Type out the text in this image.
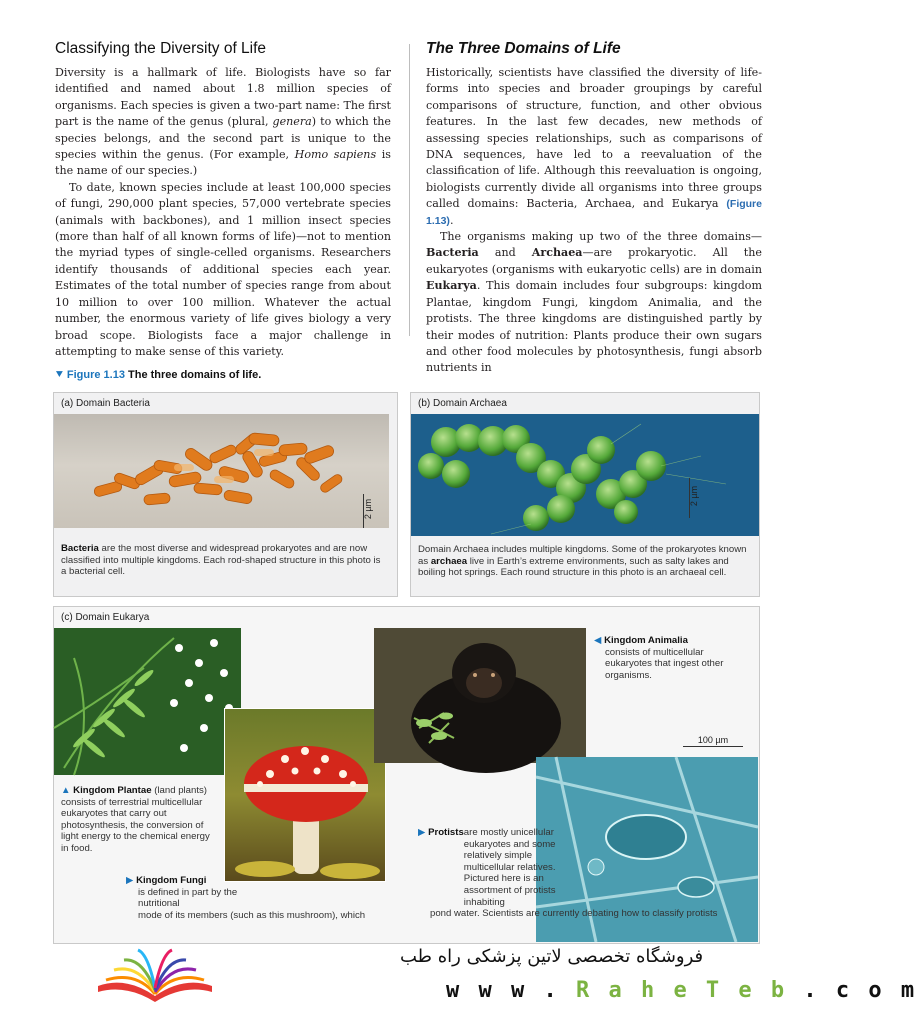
Classifying the Diversity of Life

Diversity is a hallmark of life. Biologists have so far identified and named about 1.8 million species of organisms. Each species is given a two-part name: The first part is the name of the genus (plural, genera) to which the species belongs, and the second part is unique to the species within the genus. (For example, Homo sapiens is the name of our species.)

To date, known species include at least 100,000 species of fungi, 290,000 plant species, 57,000 vertebrate species (animals with backbones), and 1 million insect species (more than half of all known forms of life)—not to mention the myriad types of single-celled organisms. Researchers identify thousands of additional species each year. Estimates of the total number of species range from about 10 million to over 100 million. Whatever the actual number, the enormous variety of life gives biology a very broad scope. Biologists face a major challenge in attempting to make sense of this variety.

The Three Domains of Life

Historically, scientists have classified the diversity of life-forms into species and broader groupings by careful comparisons of structure, function, and other obvious features. In the last few decades, new methods of assessing species relationships, such as comparisons of DNA sequences, have led to a reevaluation of the classification of life. Although this reevaluation is ongoing, biologists currently divide all organisms into three groups called domains: Bacteria, Archaea, and Eukarya (Figure 1.13).

The organisms making up two of the three domains—Bacteria and Archaea—are prokaryotic. All the eukaryotes (organisms with eukaryotic cells) are in domain Eukarya. This domain includes four subgroups: kingdom Plantae, kingdom Fungi, kingdom Animalia, and the protists. The three kingdoms are distinguished partly by their modes of nutrition: Plants produce their own sugars and other food molecules by photosynthesis, fungi absorb nutrients in

⯆ Figure 1.13 The three domains of life.
(a) Domain Bacteria
2 µm
Bacteria are the most diverse and widespread prokaryotes and are now classified into multiple kingdoms. Each rod-shaped structure in this photo is a bacterial cell.
(b) Domain Archaea
2 µm
Domain Archaea includes multiple kingdoms. Some of the prokaryotes known as archaea live in Earth’s extreme environments, such as salty lakes and boiling hot springs. Each round structure in this photo is an archaeal cell.
(c) Domain Eukarya
100 µm
◀ Kingdom Animalia

consists of multicellular eukaryotes that ingest other organisms.
▲ Kingdom Plantae (land plants) consists of terrestrial multicellular eukaryotes that carry out photosynthesis, the conversion of light energy to the chemical energy in food.
▶ Kingdom Fungi

is defined in part by the nutritional
mode of its members (such as this mushroom), which
▶ Protistsare mostly unicellular eukaryotes and some relatively simple multicellular relatives. Pictured here is an assortment of protists inhabiting

pond water. Scientists are currently debating how to classify protists
فروشگاه تخصصی لاتین پزشکی راه طب
w w w . R a h e T e b . c o m
